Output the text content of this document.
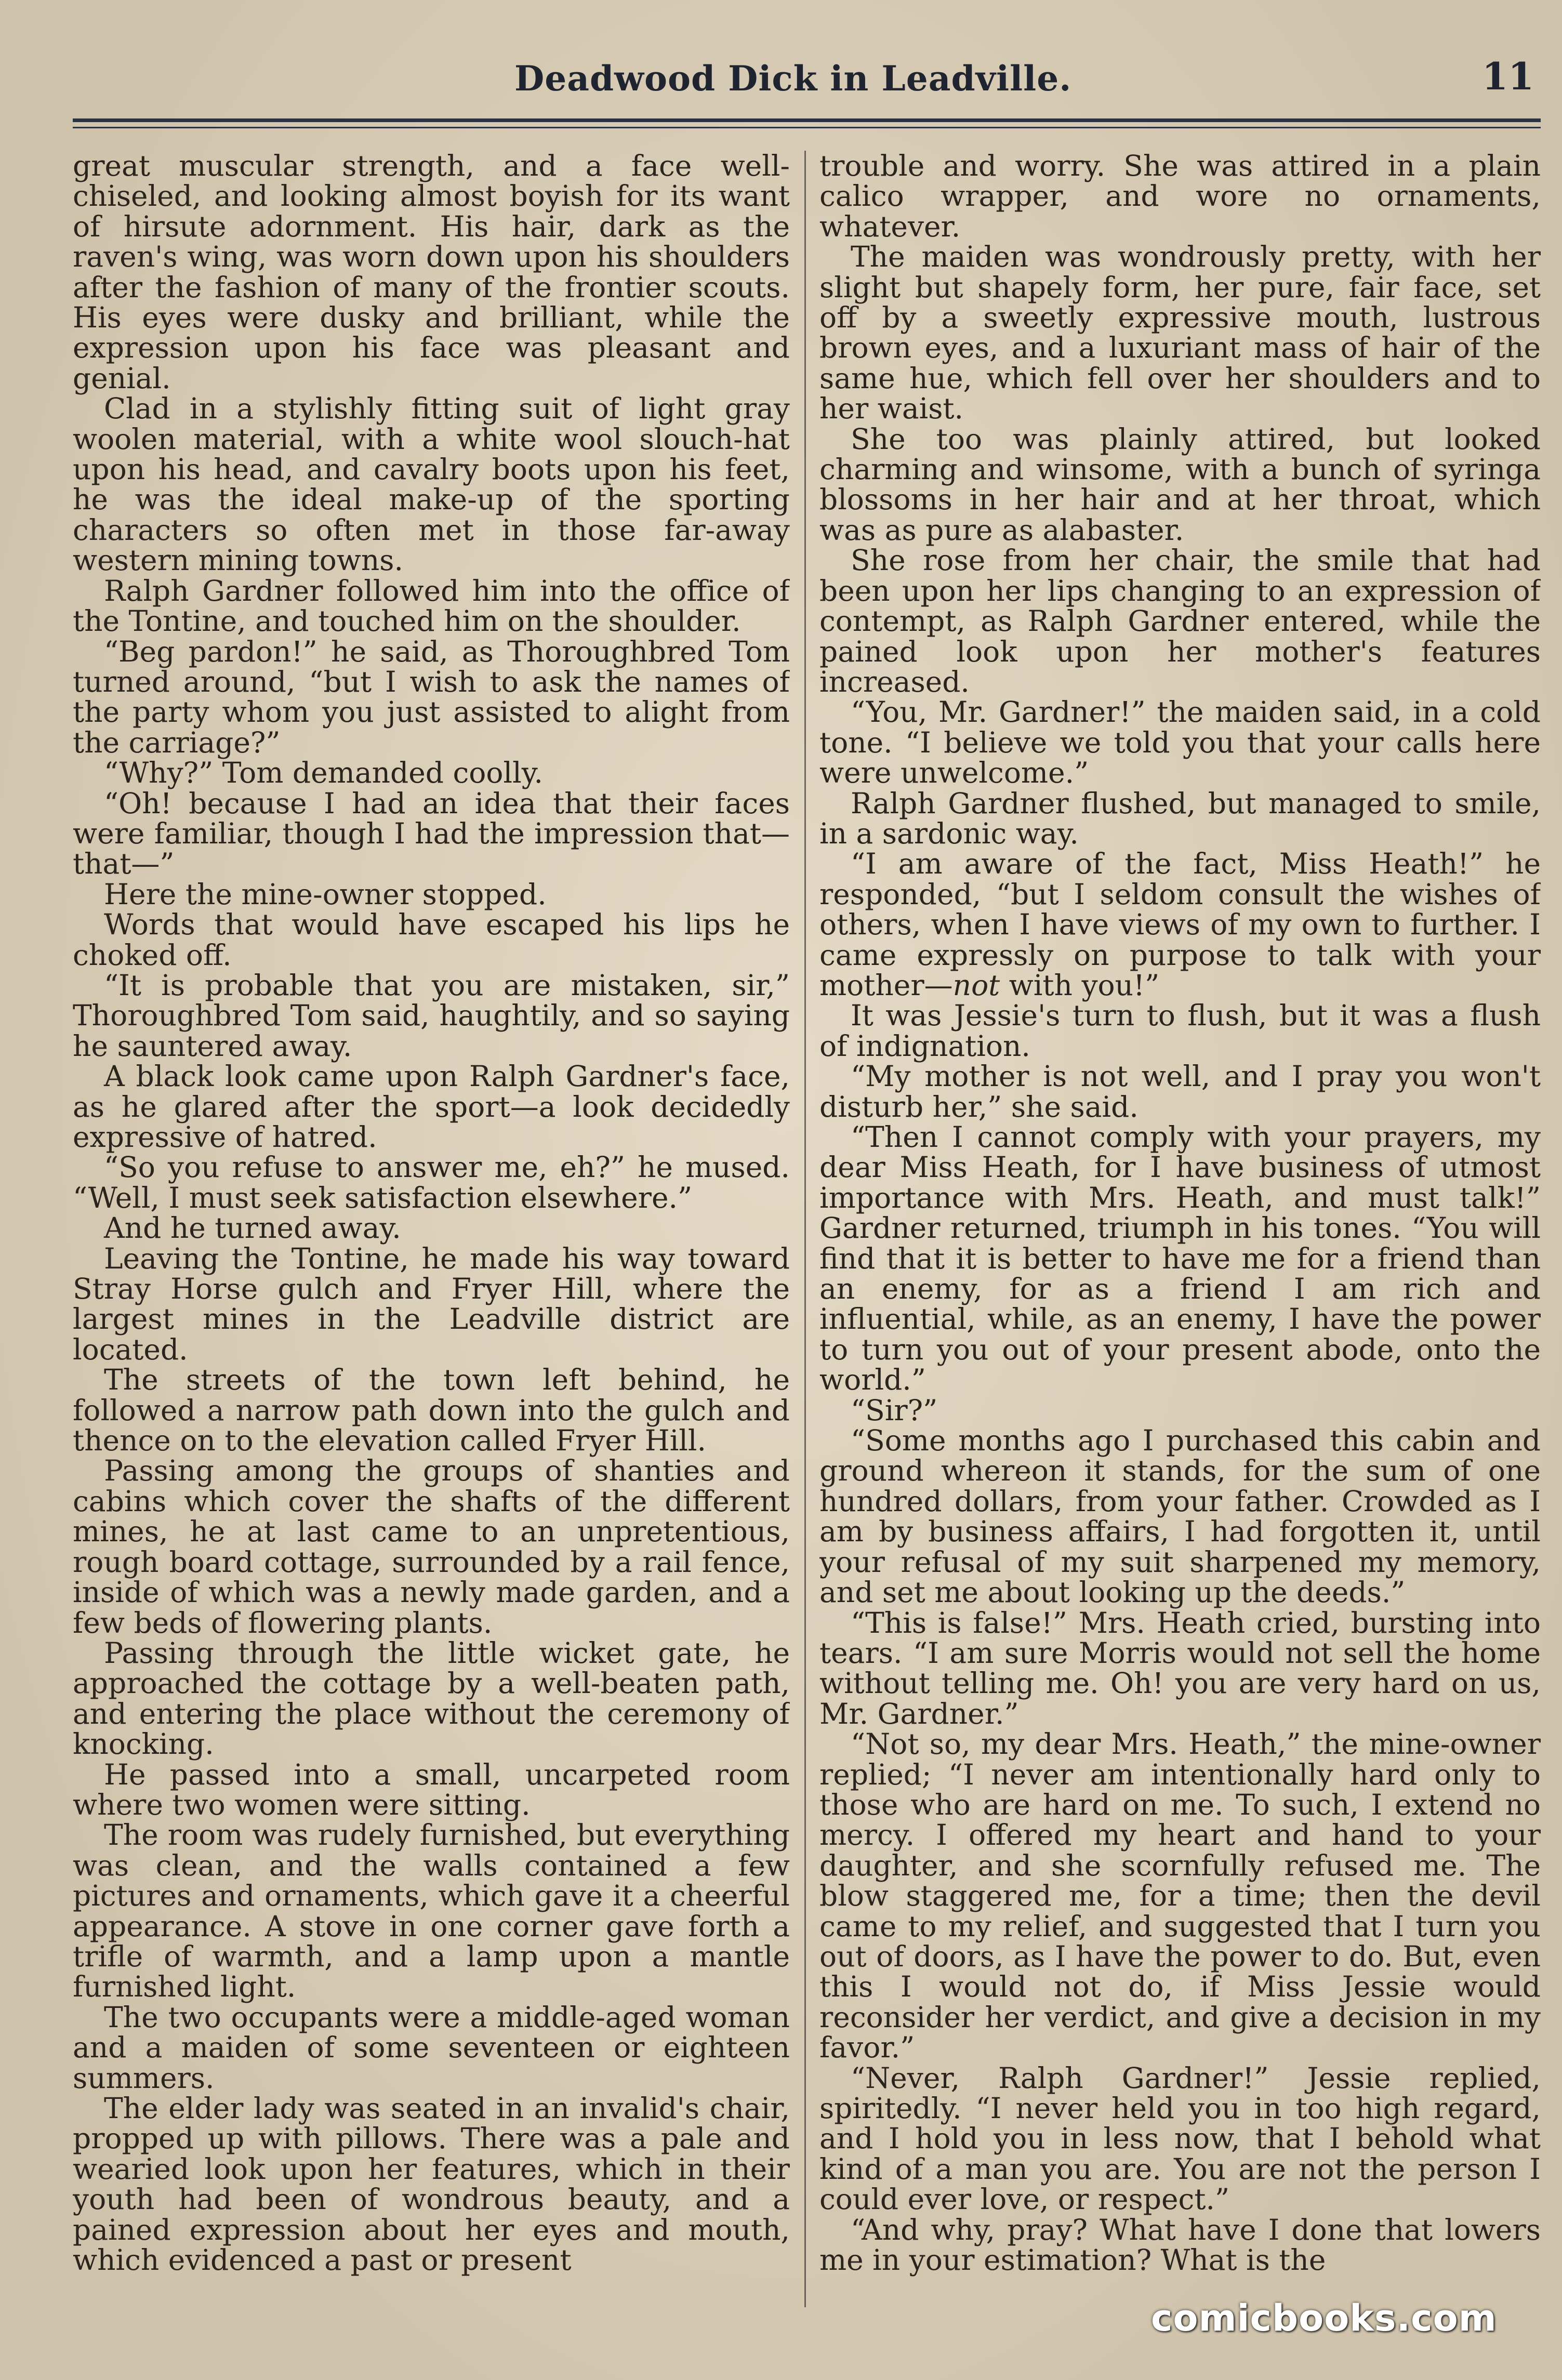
Deadwood Dick in Leadville.	11

great muscular strength, and a face well-chiseled, and looking almost boyish for its want of hirsute adornment. His hair, dark as the raven's wing, was worn down upon his shoulders after the fashion of many of the frontier scouts. His eyes were dusky and brilliant, while the expression upon his face was pleasant and genial.

Clad in a stylishly fitting suit of light gray woolen material, with a white wool slouch-hat upon his head, and cavalry boots upon his feet, he was the ideal make-up of the sporting characters so often met in those far-away western mining towns.

Ralph Gardner followed him into the office of the Tontine, and touched him on the shoulder.

“Beg pardon!” he said, as Thoroughbred Tom turned around, “but I wish to ask the names of the party whom you just assisted to alight from the carriage?”

“Why?” Tom demanded coolly.

“Oh! because I had an idea that their faces were familiar, though I had the impression that—that—”

Here the mine-owner stopped.

Words that would have escaped his lips he choked off.

“It is probable that you are mistaken, sir,” Thoroughbred Tom said, haughtily, and so saying he sauntered away.

A black look came upon Ralph Gardner's face, as he glared after the sport—a look decidedly expressive of hatred.

“So you refuse to answer me, eh?” he mused. “Well, I must seek satisfaction elsewhere.”

And he turned away.

Leaving the Tontine, he made his way toward Stray Horse gulch and Fryer Hill, where the largest mines in the Leadville district are located.

The streets of the town left behind, he followed a narrow path down into the gulch and thence on to the elevation called Fryer Hill.

Passing among the groups of shanties and cabins which cover the shafts of the different mines, he at last came to an unpretentious, rough board cottage, surrounded by a rail fence, inside of which was a newly made garden, and a few beds of flowering plants.

Passing through the little wicket gate, he approached the cottage by a well-beaten path, and entering the place without the ceremony of knocking.

He passed into a small, uncarpeted room where two women were sitting.

The room was rudely furnished, but everything was clean, and the walls contained a few pictures and ornaments, which gave it a cheerful appearance. A stove in one corner gave forth a trifle of warmth, and a lamp upon a mantle furnished light.

The two occupants were a middle-aged woman and a maiden of some seventeen or eighteen summers.

The elder lady was seated in an invalid's chair, propped up with pillows. There was a pale and wearied look upon her features, which in their youth had been of wondrous beauty, and a pained expression about her eyes and mouth, which evidenced a past or present

trouble and worry. She was attired in a plain calico wrapper, and wore no ornaments, whatever.

The maiden was wondrously pretty, with her slight but shapely form, her pure, fair face, set off by a sweetly expressive mouth, lustrous brown eyes, and a luxuriant mass of hair of the same hue, which fell over her shoulders and to her waist.

She too was plainly attired, but looked charming and winsome, with a bunch of syringa blossoms in her hair and at her throat, which was as pure as alabaster.

She rose from her chair, the smile that had been upon her lips changing to an expression of contempt, as Ralph Gardner entered, while the pained look upon her mother's features increased.

“You, Mr. Gardner!” the maiden said, in a cold tone. “I believe we told you that your calls here were unwelcome.”

Ralph Gardner flushed, but managed to smile, in a sardonic way.

“I am aware of the fact, Miss Heath!” he responded, “but I seldom consult the wishes of others, when I have views of my own to further. I came expressly on purpose to talk with your mother—not with you!”

It was Jessie's turn to flush, but it was a flush of indignation.

“My mother is not well, and I pray you won't disturb her,” she said.

“Then I cannot comply with your prayers, my dear Miss Heath, for I have business of utmost importance with Mrs. Heath, and must talk!” Gardner returned, triumph in his tones. “You will find that it is better to have me for a friend than an enemy, for as a friend I am rich and influential, while, as an enemy, I have the power to turn you out of your present abode, onto the world.”

“Sir?”

“Some months ago I purchased this cabin and ground whereon it stands, for the sum of one hundred dollars, from your father. Crowded as I am by business affairs, I had forgotten it, until your refusal of my suit sharpened my memory, and set me about looking up the deeds.”

“This is false!” Mrs. Heath cried, bursting into tears. “I am sure Morris would not sell the home without telling me. Oh! you are very hard on us, Mr. Gardner.”

“Not so, my dear Mrs. Heath,” the mine-owner replied; “I never am intentionally hard only to those who are hard on me. To such, I extend no mercy. I offered my heart and hand to your daughter, and she scornfully refused me. The blow staggered me, for a time; then the devil came to my relief, and suggested that I turn you out of doors, as I have the power to do. But, even this I would not do, if Miss Jessie would reconsider her verdict, and give a decision in my favor.”

“Never, Ralph Gardner!” Jessie replied, spiritedly. “I never held you in too high regard, and I hold you in less now, that I behold what kind of a man you are. You are not the person I could ever love, or respect.”

“And why, pray? What have I done that lowers me in your estimation? What is the

comicbooks.com
